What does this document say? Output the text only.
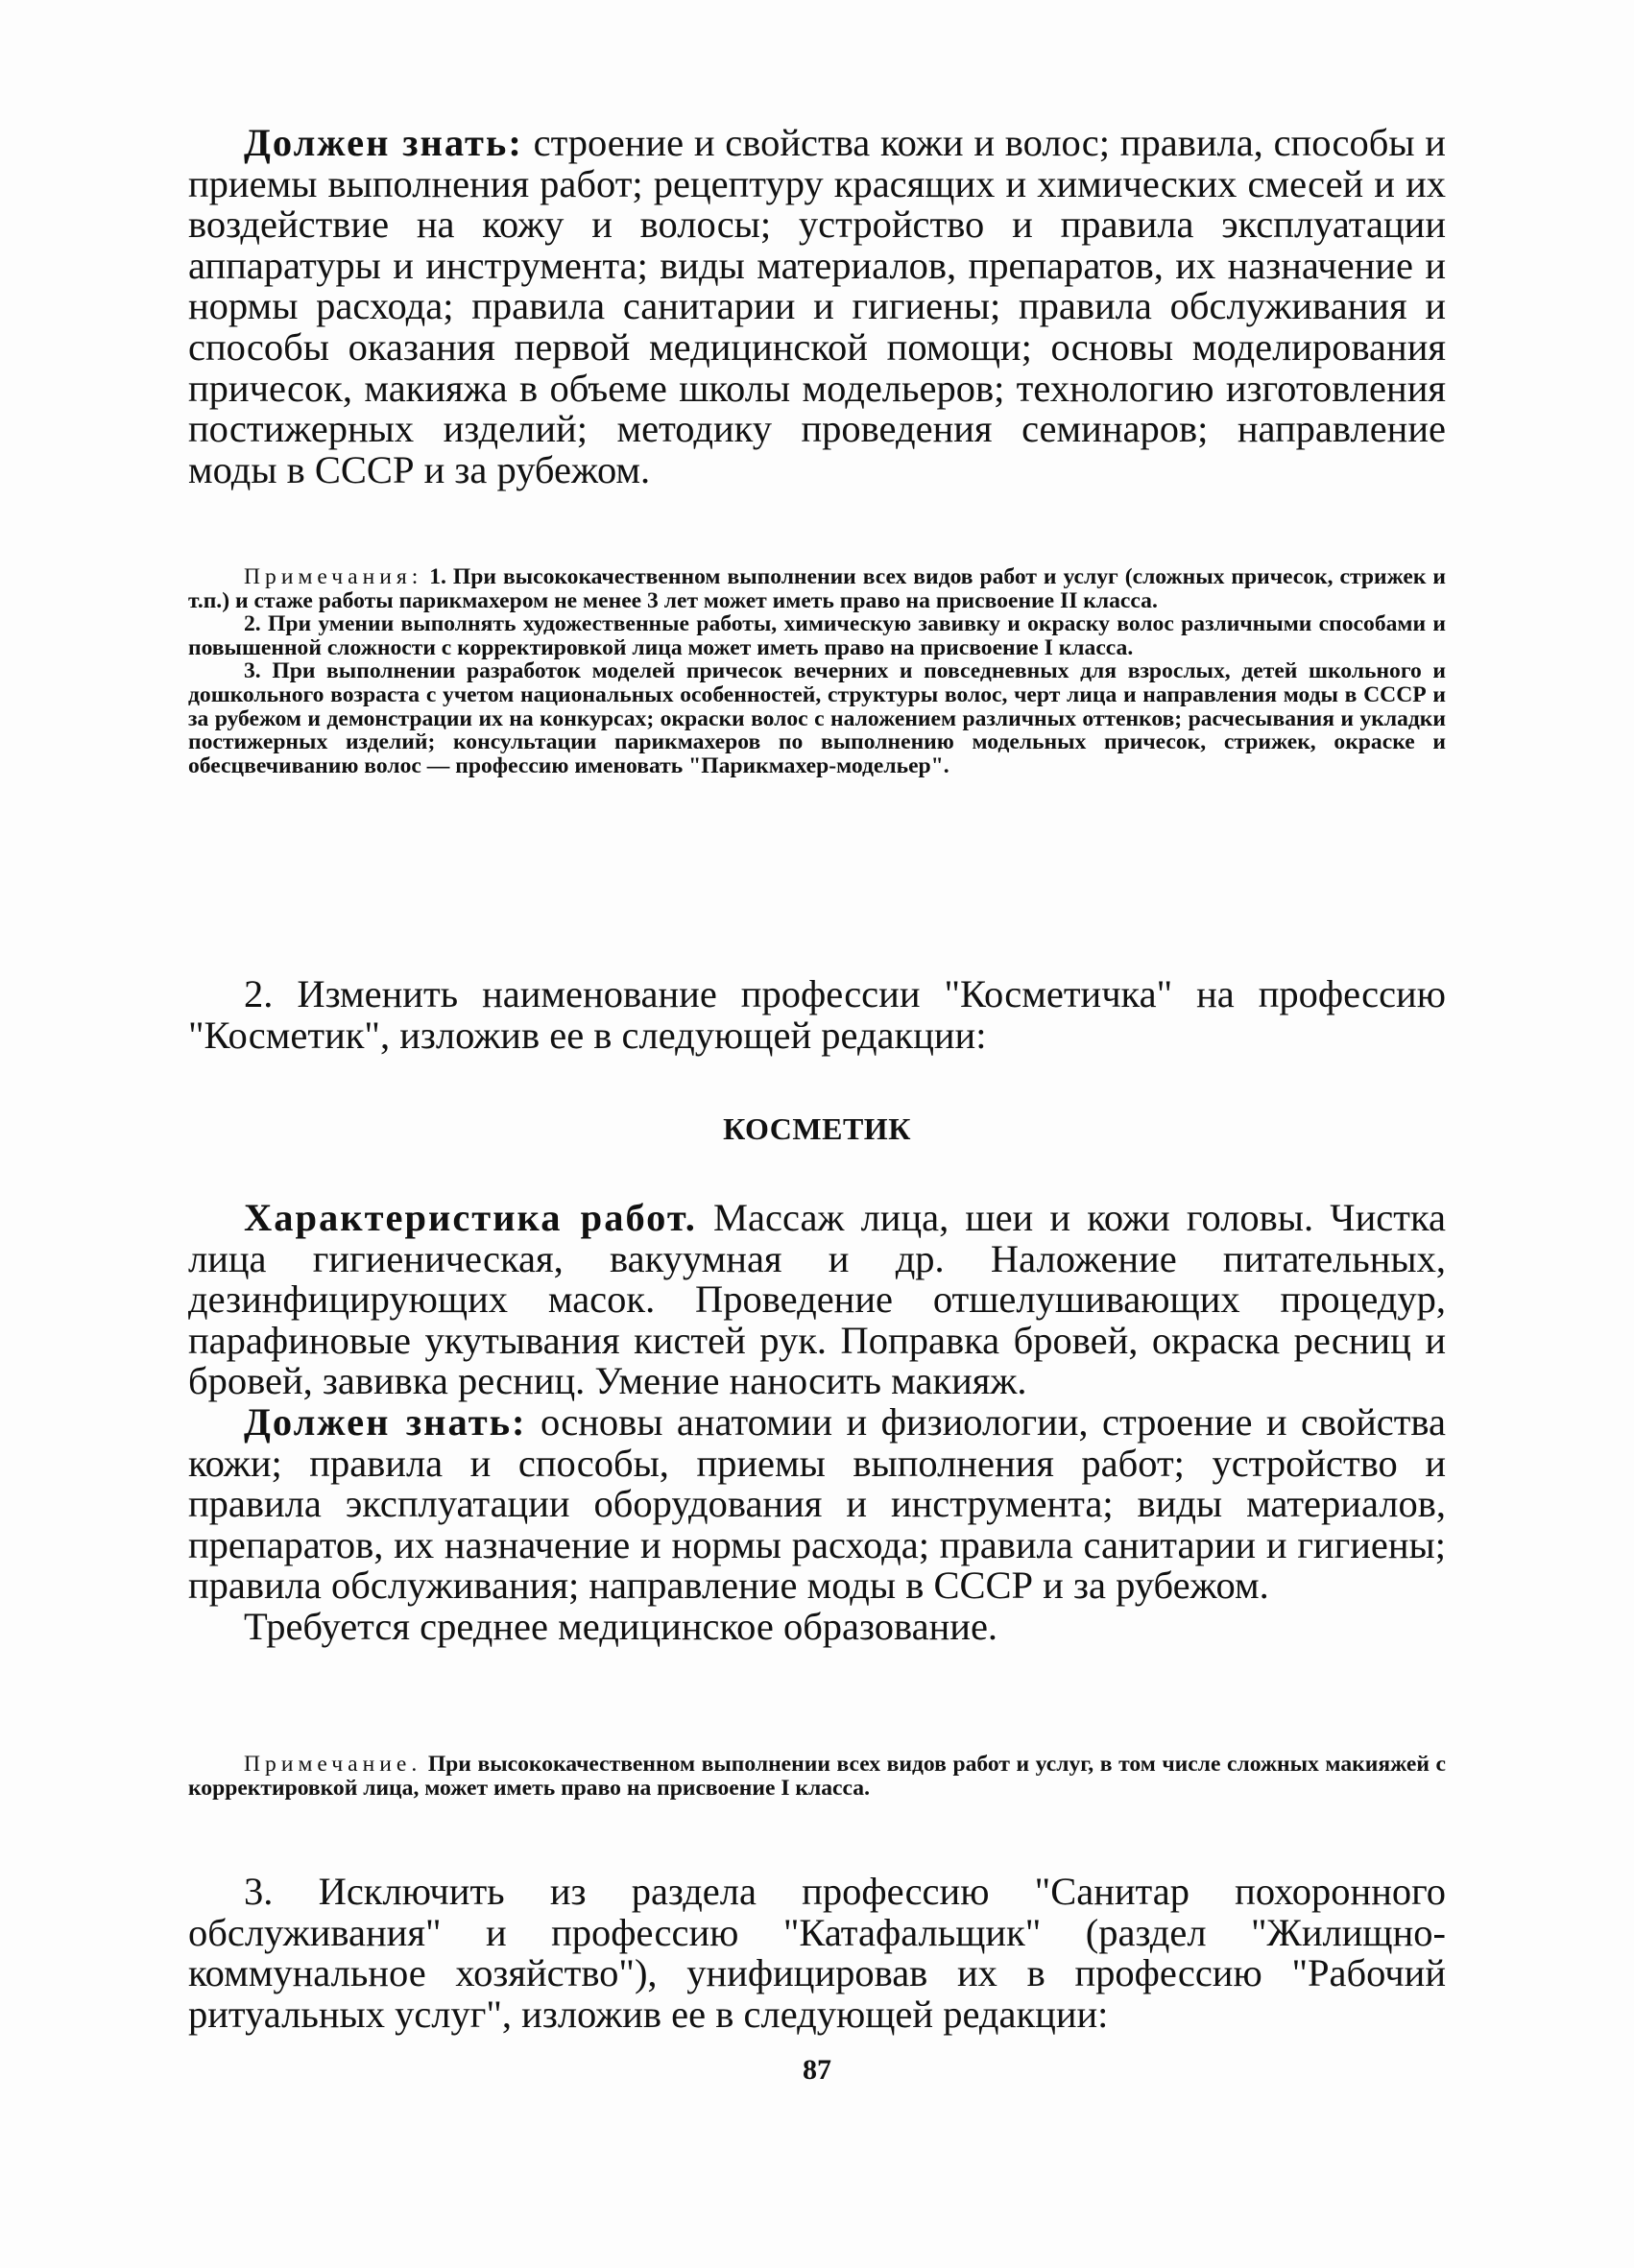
Должен знать: строение и свойства кожи и волос; правила, способы и приемы выполнения работ; рецептуру красящих и химических смесей и их воздействие на кожу и волосы; устройство и правила эксплуатации аппаратуры и инструмента; виды материалов, препаратов, их назначение и нормы расхода; правила санитарии и гигиены; правила обслуживания и способы оказания первой медицинской помощи; основы моделирования причесок, макияжа в объеме школы модельеров; технологию изготовления постижерных изделий; методику проведения семинаров; направление моды в СССР и за рубежом.

Примечания: 1. При высококачественном выполнении всех видов работ и услуг (сложных причесок, стрижек и т.п.) и стаже работы парикмахером не менее 3 лет может иметь право на присвоение II класса.

2. При умении выполнять художественные работы, химическую завивку и окраску волос различными способами и повышенной сложности с корректировкой лица может иметь право на присвоение I класса.

3. При выполнении разработок моделей причесок вечерних и повседневных для взрослых, детей школьного и дошкольного возраста с учетом национальных особенностей, структуры волос, черт лица и направления моды в СССР и за рубежом и демонстрации их на конкурсах; окраски волос с наложением различных оттенков; расчесывания и укладки постижерных изделий; консультации парикмахеров по выполнению модельных причесок, стрижек, окраске и обесцвечиванию волос — профессию именовать "Парикмахер-модельер".

2. Изменить наименование профессии "Косметичка" на профессию "Косметик", изложив ее в следующей редакции:

КОСМЕТИК

Характеристика работ. Массаж лица, шеи и кожи головы. Чистка лица гигиеническая, вакуумная и др. Наложение питательных, дезинфицирующих масок. Проведение отшелушивающих процедур, парафиновые укутывания кистей рук. Поправка бровей, окраска ресниц и бровей, завивка ресниц. Умение наносить макияж.

Должен знать: основы анатомии и физиологии, строение и свойства кожи; правила и способы, приемы выполнения работ; устройство и правила эксплуатации оборудования и инструмента; виды материалов, препаратов, их назначение и нормы расхода; правила санитарии и гигиены; правила обслуживания; направление моды в СССР и за рубежом.

Требуется среднее медицинское образование.

Примечание. При высококачественном выполнении всех видов работ и услуг, в том числе сложных макияжей с корректировкой лица, может иметь право на присвоение I класса.

3. Исключить из раздела профессию "Санитар похоронного обслуживания" и профессию "Катафальщик" (раздел "Жилищно-коммунальное хозяйство"), унифицировав их в профессию "Рабочий ритуальных услуг", изложив ее в следующей редакции:

87
